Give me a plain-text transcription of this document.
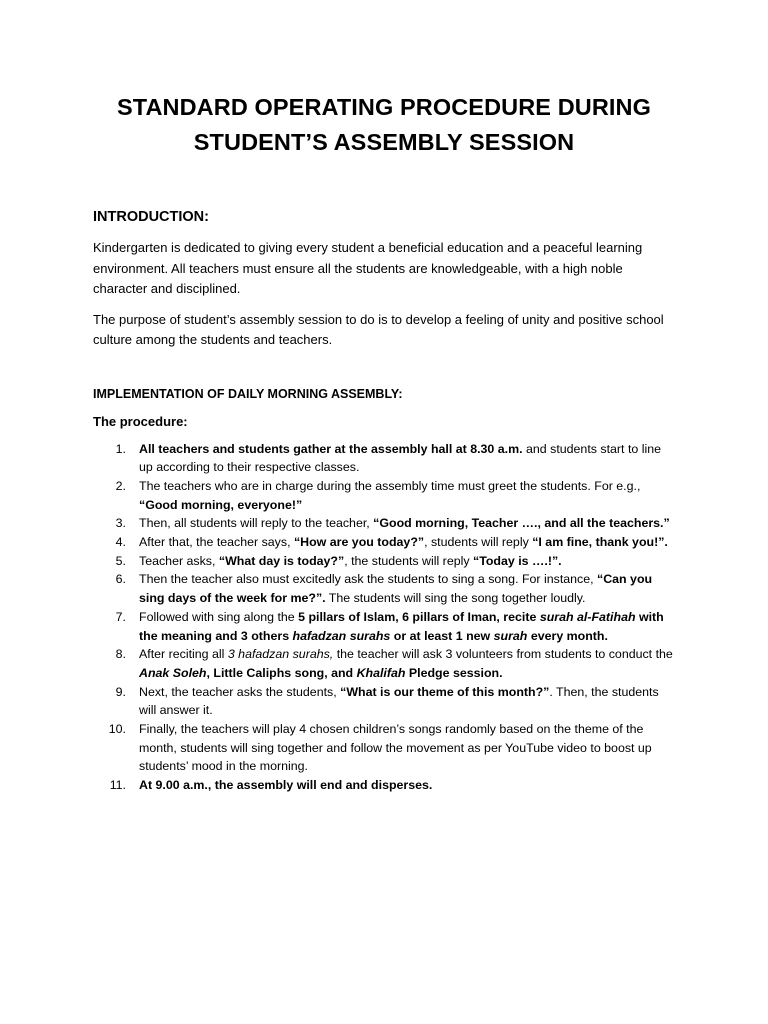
STANDARD OPERATING PROCEDURE DURING
STUDENT’S ASSEMBLY SESSION
INTRODUCTION:

Kindergarten is dedicated to giving every student a beneficial education and a peaceful learning environment. All teachers must ensure all the students are knowledgeable, with a high noble character and disciplined.

The purpose of student’s assembly session to do is to develop a feeling of unity and positive school culture among the students and teachers.

IMPLEMENTATION OF DAILY MORNING ASSEMBLY:
The procedure:
1. All teachers and students gather at the assembly hall at 8.30 a.m. and students start to line up according to their respective classes.
2. The teachers who are in charge during the assembly time must greet the students. For e.g., “Good morning, everyone!”
3. Then, all students will reply to the teacher, “Good morning, Teacher …., and all the teachers.”
4. After that, the teacher says, “How are you today?”, students will reply “I am fine, thank you!”.
5. Teacher asks, “What day is today?”, the students will reply “Today is ….!”.
6. Then the teacher also must excitedly ask the students to sing a song. For instance, “Can you sing days of the week for me?”. The students will sing the song together loudly.
7. Followed with sing along the 5 pillars of Islam, 6 pillars of Iman, recite surah al-Fatihah with the meaning and 3 others hafadzan surahs or at least 1 new surah every month.
8. After reciting all 3 hafadzan surahs, the teacher will ask 3 volunteers from students to conduct the Anak Soleh, Little Caliphs song, and Khalifah Pledge session.
9. Next, the teacher asks the students, “What is our theme of this month?”. Then, the students will answer it.
10. Finally, the teachers will play 4 chosen children’s songs randomly based on the theme of the month, students will sing together and follow the movement as per YouTube video to boost up students’ mood in the morning.
11. At 9.00 a.m., the assembly will end and disperses.
